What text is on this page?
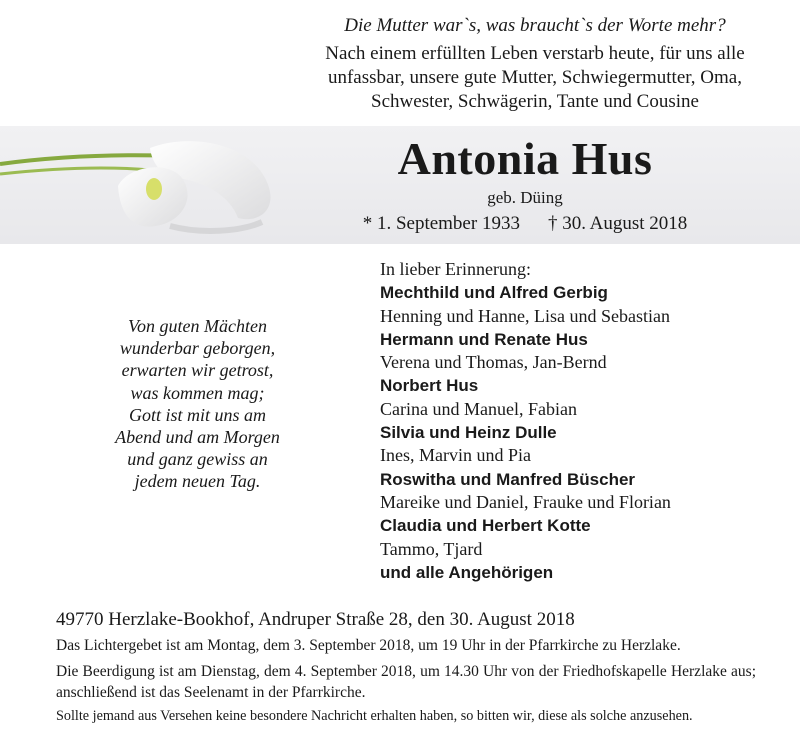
Die Mutter war`s, was braucht`s der Worte mehr?
Nach einem erfüllten Leben verstarb heute, für uns alle
unfassbar, unsere gute Mutter, Schwiegermutter, Oma,
Schwester, Schwägerin, Tante und Cousine
Antonia Hus
geb. Düing
* 1. September 1933 † 30. August 2018
Von guten Mächten
wunderbar geborgen,
erwarten wir getrost,
was kommen mag;
Gott ist mit uns am
Abend und am Morgen
und ganz gewiss an
jedem neuen Tag.
In lieber Erinnerung:
Mechthild und Alfred Gerbig
Henning und Hanne, Lisa und Sebastian
Hermann und Renate Hus
Verena und Thomas, Jan-Bernd
Norbert Hus
Carina und Manuel, Fabian
Silvia und Heinz Dulle
Ines, Marvin und Pia
Roswitha und Manfred Büscher
Mareike und Daniel, Frauke und Florian
Claudia und Herbert Kotte
Tammo, Tjard
und alle Angehörigen
49770 Herzlake-Bookhof, Andruper Straße 28, den 30. August 2018
Das Lichtergebet ist am Montag, dem 3. September 2018, um 19 Uhr in der Pfarrkirche zu Herzlake.
Die Beerdigung ist am Dienstag, dem 4. September 2018, um 14.30 Uhr von der Friedhofskapelle Herzlake aus; anschließend ist das Seelenamt in der Pfarrkirche.
Sollte jemand aus Versehen keine besondere Nachricht erhalten haben, so bitten wir, diese als solche anzusehen.
